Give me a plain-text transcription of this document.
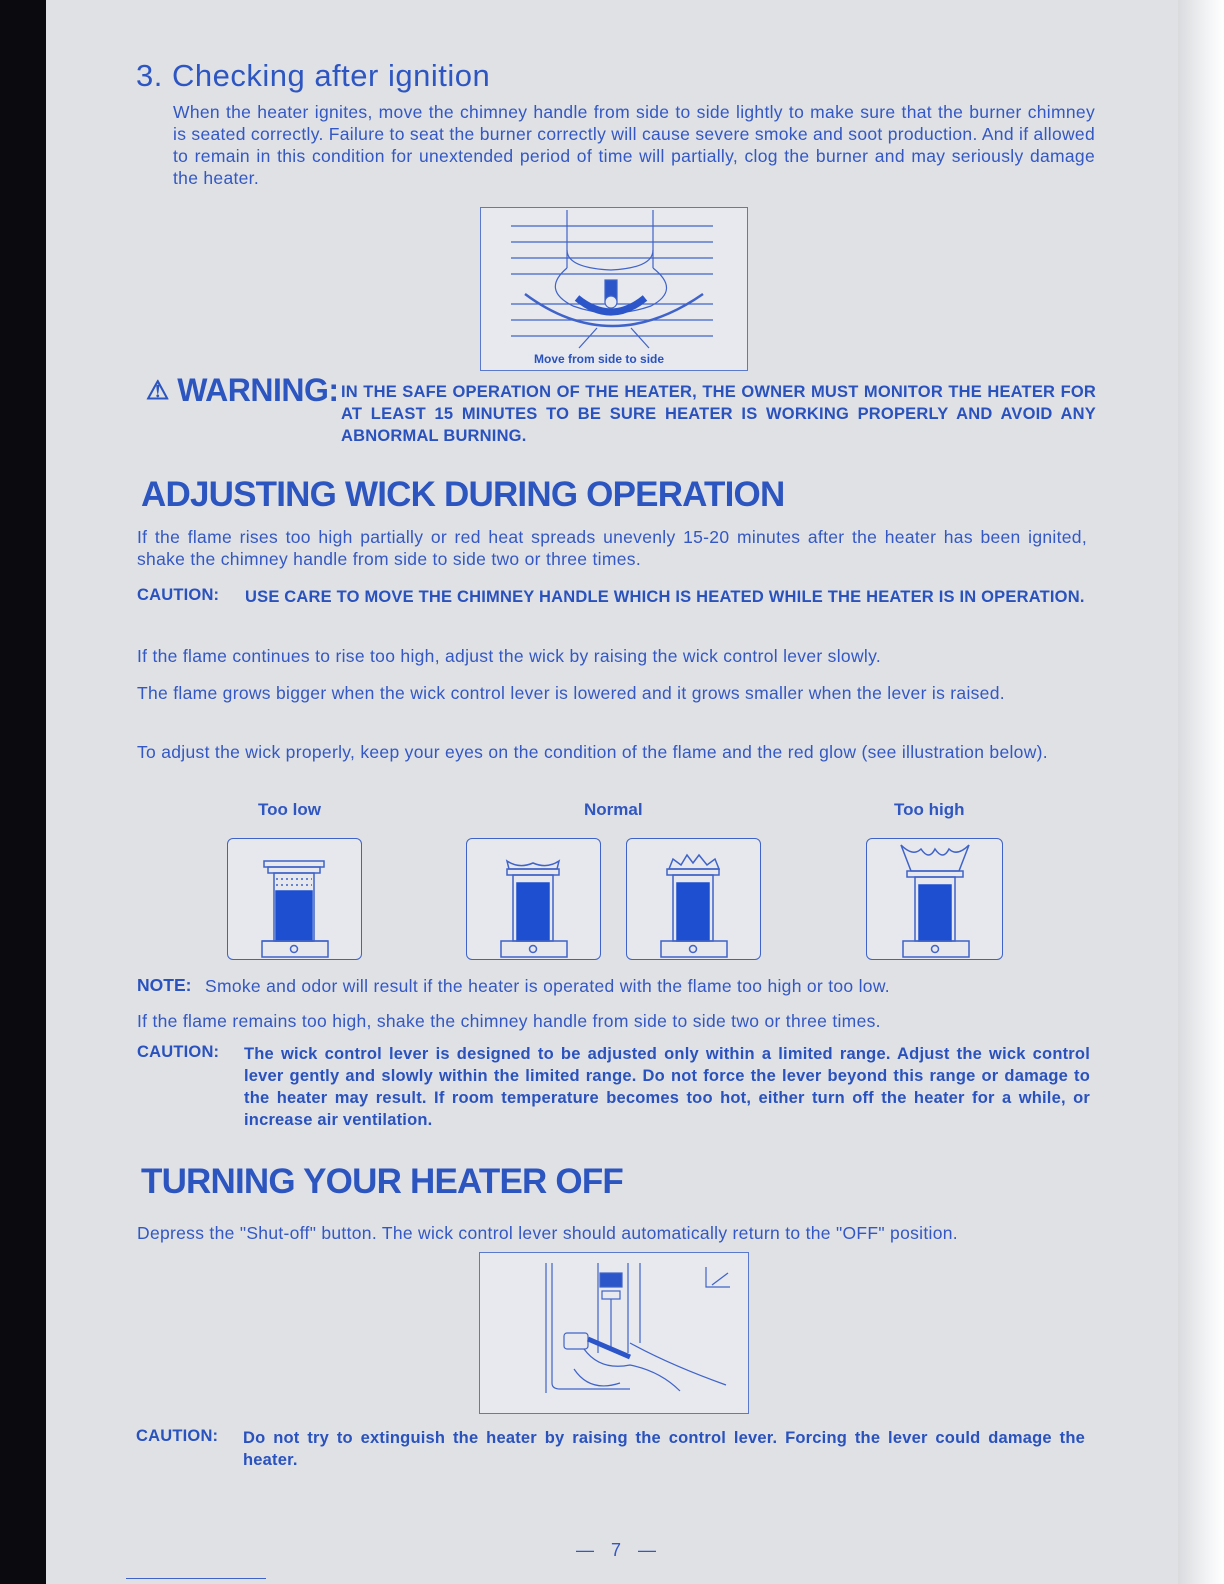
3. Checking after ignition
When the heater ignites, move the chimney handle from side to side lightly to make sure that the burner chimney is seated correctly. Failure to seat the burner correctly will cause severe smoke and soot production. And if allowed to remain in this condition for unextended period of time will partially, clog the burner and may seriously damage the heater.
Move from side to side
⚠ WARNING: IN THE SAFE OPERATION OF THE HEATER, THE OWNER MUST MONITOR THE HEATER FOR AT LEAST 15 MINUTES TO BE SURE HEATER IS WORKING PROPERLY AND AVOID ANY ABNORMAL BURNING.
ADJUSTING WICK DURING OPERATION
If the flame rises too high partially or red heat spreads unevenly 15-20 minutes after the heater has been ignited, shake the chimney handle from side to side two or three times.
CAUTION: USE CARE TO MOVE THE CHIMNEY HANDLE WHICH IS HEATED WHILE THE HEATER IS IN OPERATION.
If the flame continues to rise too high, adjust the wick by raising the wick control lever slowly.
The flame grows bigger when the wick control lever is lowered and it grows smaller when the lever is raised.
To adjust the wick properly, keep your eyes on the condition of the flame and the red glow (see illustration below).
Too low	Normal	Too high
NOTE: Smoke and odor will result if the heater is operated with the flame too high or too low.
If the flame remains too high, shake the chimney handle from side to side two or three times.
CAUTION: The wick control lever is designed to be adjusted only within a limited range. Adjust the wick control lever gently and slowly within the limited range. Do not force the lever beyond this range or damage to the heater may result. If room temperature becomes too hot, either turn off the heater for a while, or increase air ventilation.
TURNING YOUR HEATER OFF
Depress the "Shut-off" button. The wick control lever should automatically return to the "OFF" position.
CAUTION: Do not try to extinguish the heater by raising the control lever. Forcing the lever could damage the heater.
— 7 —
